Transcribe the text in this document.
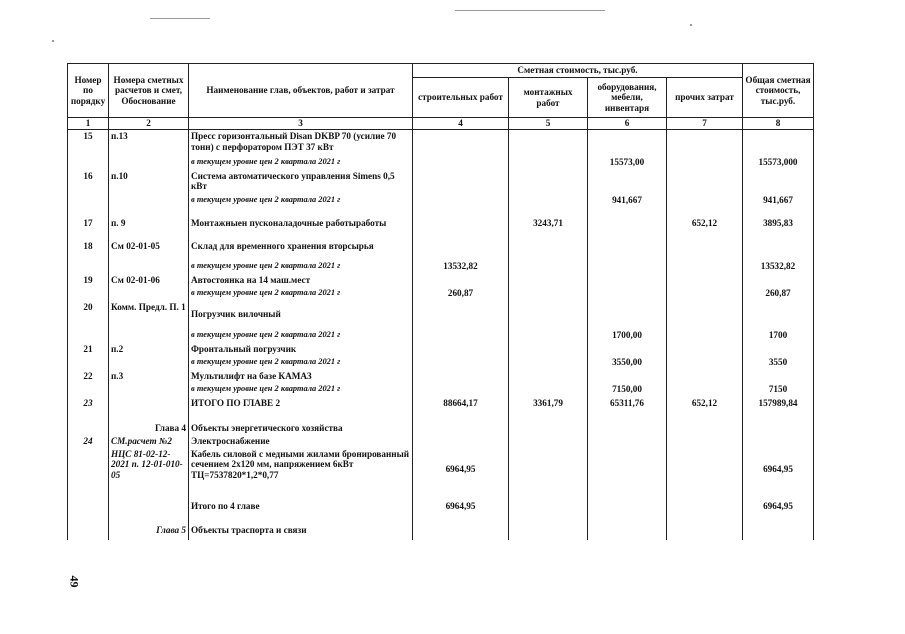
Номер по порядку	Номера сметных расчетов и смет, Обоснование	Наименование глав, объектов, работ и затрат	Сметная стоимость, тыс.руб.				Общая сметная стоимость, тыс.руб.
			строительных работ	монтажных работ	оборудования, мебели, инвентаря	прочих затрат	
1	2	3	4	5	6	7	8
15	п.13	Пресс горизонтальный Disan DKBP 70 (усилие 70 тонн) с перфоратором ПЭТ 37 кВт					
		в текущем уровне цен 2 квартала 2021 г			15573,00		15573,000
16	п.10	Система автоматического управления Simens 0,5 кВт					
		в текущем уровне цен 2 квартала 2021 г			941,667		941,667
17	п. 9	Монтажныен пусконаладочные работыработы		3243,71		652,12	3895,83
18	См 02-01-05	Склад для временного хранения вторсырья					
		в текущем уровне цен 2 квартала 2021 г	13532,82				13532,82
19	См 02-01-06	Автостоянка на 14 маш.мест					
		в текущем уровне цен 2 квартала 2021 г	260,87				260,87
20	Комм. Предл. П. 1	Погрузчик вилочный					
		в текущем уровне цен 2 квартала 2021 г			1700,00		1700
21	п.2	Фронтальный погрузчик					
		в текущем уровне цен 2 квартала 2021 г			3550,00		3550
22	п.3	Мультилифт на базе КАМАЗ					
		в текущем уровне цен 2 квартала 2021 г			7150,00		7150
23		ИТОГО ПО ГЛАВЕ 2	88664,17	3361,79	65311,76	652,12	157989,84
	Глава 4	Объекты энергетического хозяйства					
24	СМ.расчет №2	Электроснабжение					
	НЦС 81-02-12-2021 п. 12-01-010-05	Кабель силовой с медными жилами бронированный сечением 2х120 мм, напряжением 6кВт ТЦ=7537820*1,2*0,77	6964,95				6964,95
		Итого по 4 главе	6964,95				6964,95
	Глава 5	Объекты траспорта и связи					
49
